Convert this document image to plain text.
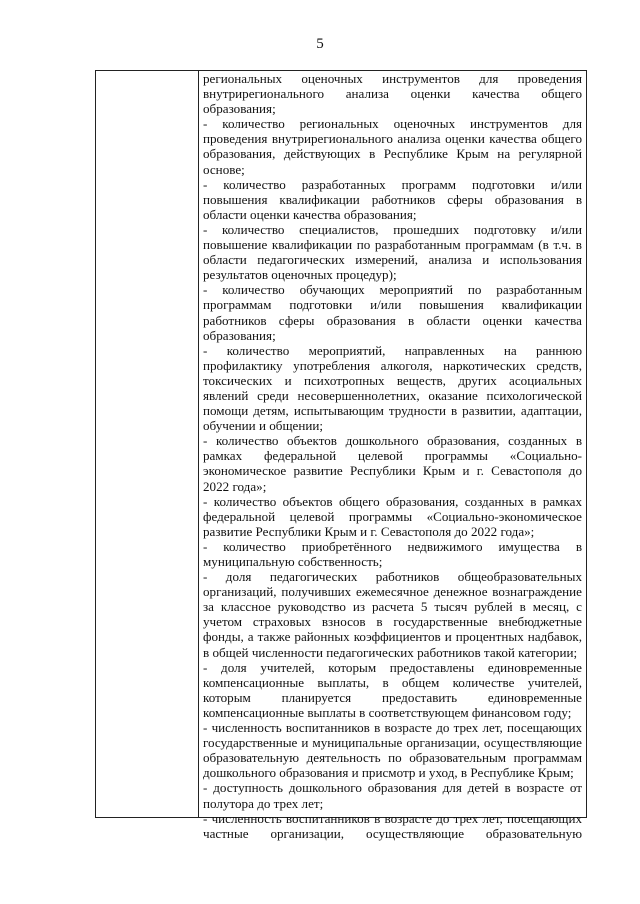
5

региональных оценочных инструментов для проведения внутрирегионального анализа оценки качества общего образования;

- количество региональных оценочных инструментов для проведения внутрирегионального анализа оценки качества общего образования, действующих в Республике Крым на регулярной основе;

- количество разработанных программ подготовки и/или повышения квалификации работников сферы образования в области оценки качества образования;

- количество специалистов, прошедших подготовку и/или повышение квалификации по разработанным программам (в т.ч. в области педагогических измерений, анализа и использования результатов оценочных процедур);

- количество обучающих мероприятий по разработанным программам подготовки и/или повышения квалификации работников сферы образования в области оценки качества образования;

- количество мероприятий, направленных на раннюю профилактику употребления алкоголя, наркотических средств, токсических и психотропных веществ, других асоциальных явлений среди несовершеннолетних, оказание психологической помощи детям, испытывающим трудности в развитии, адаптации, обучении и общении;

- количество объектов дошкольного образования, созданных в рамках федеральной целевой программы «Социально-экономическое развитие Республики Крым и г. Севастополя до 2022 года»;

- количество объектов общего образования, созданных в рамках федеральной целевой программы «Социально-экономическое развитие Республики Крым и г. Севастополя до 2022 года»;

- количество приобретённого недвижимого имущества в муниципальную собственность;

- доля педагогических работников общеобразовательных организаций, получивших ежемесячное денежное вознаграждение за классное руководство из расчета 5 тысяч рублей в месяц, с учетом страховых взносов в государственные внебюджетные фонды, а также районных коэффициентов и процентных надбавок, в общей численности педагогических работников такой категории;

- доля учителей, которым предоставлены единовременные компенсационные выплаты, в общем количестве учителей, которым планируется предоставить единовременные компенсационные выплаты в соответствующем финансовом году;

- численность воспитанников в возрасте до трех лет, посещающих государственные и муниципальные организации, осуществляющие образовательную деятельность по образовательным программам дошкольного образования и присмотр и уход, в Республике Крым;

- доступность дошкольного образования для детей в возрасте от полутора до трех лет;

- численность воспитанников в возрасте до трех лет, посещающих частные организации, осуществляющие образовательную
